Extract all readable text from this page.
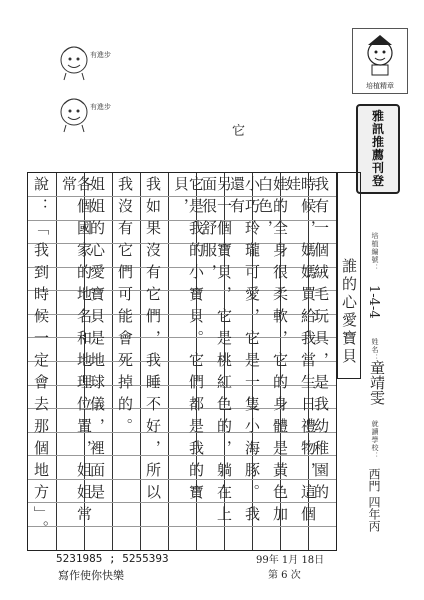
有進步
有進步
它
培植精章
雅
訊
推
薦
刊
登
培植編號：
1-4-4
姓名：
童靖雯
就讀學校：
西門 四年丙
誰的心愛寶貝
我有一個絨毛玩具，是我幼稚園的
時候，媽媽買給我當生日禮物，這個娃
娃的全身很柔軟，它的身體是黃色加白色，
小巧玲瓏可愛，它是一隻小海豚。我還有
另一個寶貝，它是桃紅色的，躺在上面很舒服，
它是我的小寶貝。它們都是我的寶貝，
我如果沒有它們，我睡不好，所以
我沒有它們可能會死掉的。
姐姐的心愛寶貝是地球儀，裡面是
各個國家的地名和地理位置，姐姐常常
說：「我到時候一定會去那個地方」。
5231985 ; 5255393
寫作使你快樂
99年 1月 18日
第 6 次
